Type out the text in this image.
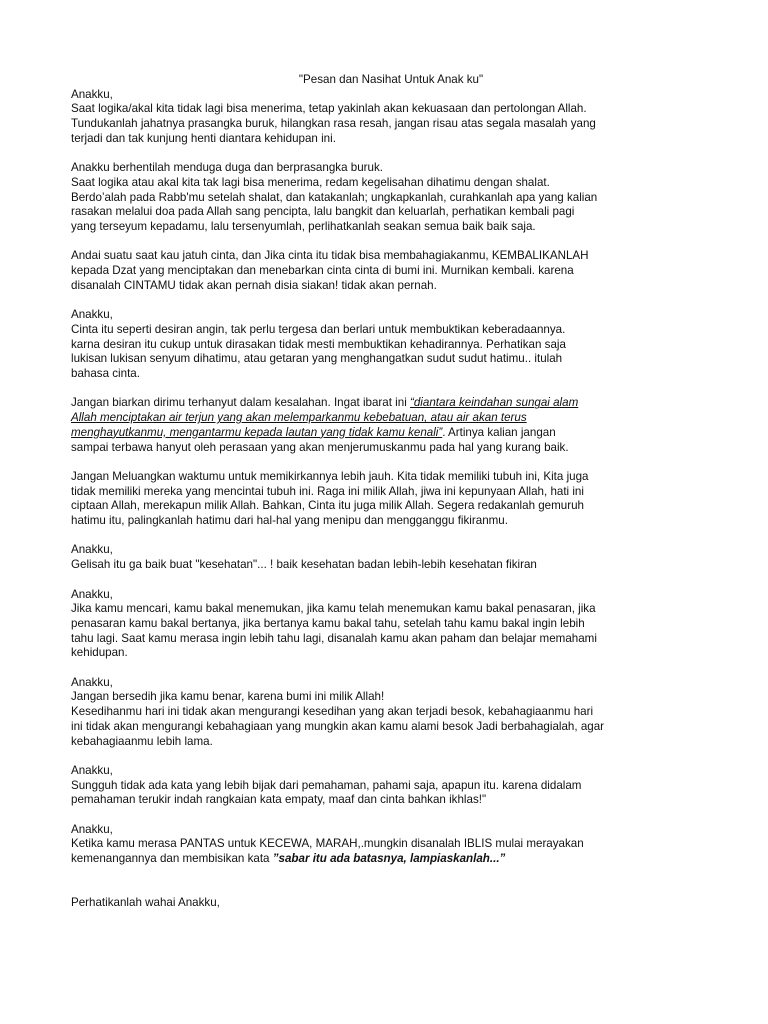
"Pesan dan Nasihat Untuk Anak ku"

Anakku,

Saat logika/akal kita tidak lagi bisa menerima, tetap yakinlah akan kekuasaan dan pertolongan Allah.

Tundukanlah jahatnya prasangka buruk, hilangkan rasa resah, jangan risau atas segala masalah yang

terjadi dan tak kunjung henti diantara kehidupan ini.

Anakku berhentilah menduga duga dan berprasangka buruk.

Saat logika atau akal kita tak lagi bisa menerima, redam kegelisahan dihatimu dengan shalat.

Berdo’alah pada Rabb'mu setelah shalat, dan katakanlah; ungkapkanlah, curahkanlah apa yang kalian

rasakan melalui doa pada Allah sang pencipta, lalu bangkit dan keluarlah, perhatikan kembali pagi

yang terseyum kepadamu, lalu tersenyumlah, perlihatkanlah seakan semua baik baik saja.

Andai suatu saat kau jatuh cinta, dan Jika cinta itu tidak bisa membahagiakanmu, KEMBALIKANLAH

kepada Dzat yang menciptakan dan menebarkan cinta cinta di bumi ini. Murnikan kembali. karena

disanalah CINTAMU tidak akan pernah disia siakan! tidak akan pernah.

Anakku,

Cinta itu seperti desiran angin, tak perlu tergesa dan berlari untuk membuktikan keberadaannya.

karna desiran itu cukup untuk dirasakan tidak mesti membuktikan kehadirannya. Perhatikan saja

lukisan lukisan senyum dihatimu, atau getaran yang menghangatkan sudut sudut hatimu.. itulah

bahasa cinta.

Jangan biarkan dirimu terhanyut dalam kesalahan. Ingat ibarat ini “diantara keindahan sungai alam

Allah menciptakan air terjun yang akan melemparkanmu kebebatuan, atau air akan terus

menghayutkanmu, mengantarmu kepada lautan yang tidak kamu kenali”. Artinya kalian jangan

sampai terbawa hanyut oleh perasaan yang akan menjerumuskanmu pada hal yang kurang baik.

Jangan Meluangkan waktumu untuk memikirkannya lebih jauh. Kita tidak memiliki tubuh ini, Kita juga

tidak memiliki mereka yang mencintai tubuh ini. Raga ini milik Allah, jiwa ini kepunyaan Allah, hati ini

ciptaan Allah, merekapun milik Allah. Bahkan, Cinta itu juga milik Allah. Segera redakanlah gemuruh

hatimu itu, palingkanlah hatimu dari hal-hal yang menipu dan mengganggu fikiranmu.

Anakku,

Gelisah itu ga baik buat "kesehatan"... ! baik kesehatan badan lebih-lebih kesehatan fikiran

Anakku,

Jika kamu mencari, kamu bakal menemukan, jika kamu telah menemukan kamu bakal penasaran, jika

penasaran kamu bakal bertanya, jika bertanya kamu bakal tahu, setelah tahu kamu bakal ingin lebih

tahu lagi. Saat kamu merasa ingin lebih tahu lagi, disanalah kamu akan paham dan belajar memahami

kehidupan.

Anakku,

Jangan bersedih jika kamu benar, karena bumi ini milik Allah!

Kesedihanmu hari ini tidak akan mengurangi kesedihan yang akan terjadi besok, kebahagiaanmu hari

ini tidak akan mengurangi kebahagiaan yang mungkin akan kamu alami besok Jadi berbahagialah, agar

kebahagiaanmu lebih lama.

Anakku,

Sungguh tidak ada kata yang lebih bijak dari pemahaman, pahami saja, apapun itu. karena didalam

pemahaman terukir indah rangkaian kata empaty, maaf dan cinta bahkan ikhlas!"

Anakku,

Ketika kamu merasa PANTAS untuk KECEWA, MARAH,.mungkin disanalah IBLIS mulai merayakan

kemenangannya dan membisikan kata ”sabar itu ada batasnya, lampiaskanlah...”

Perhatikanlah wahai Anakku,
